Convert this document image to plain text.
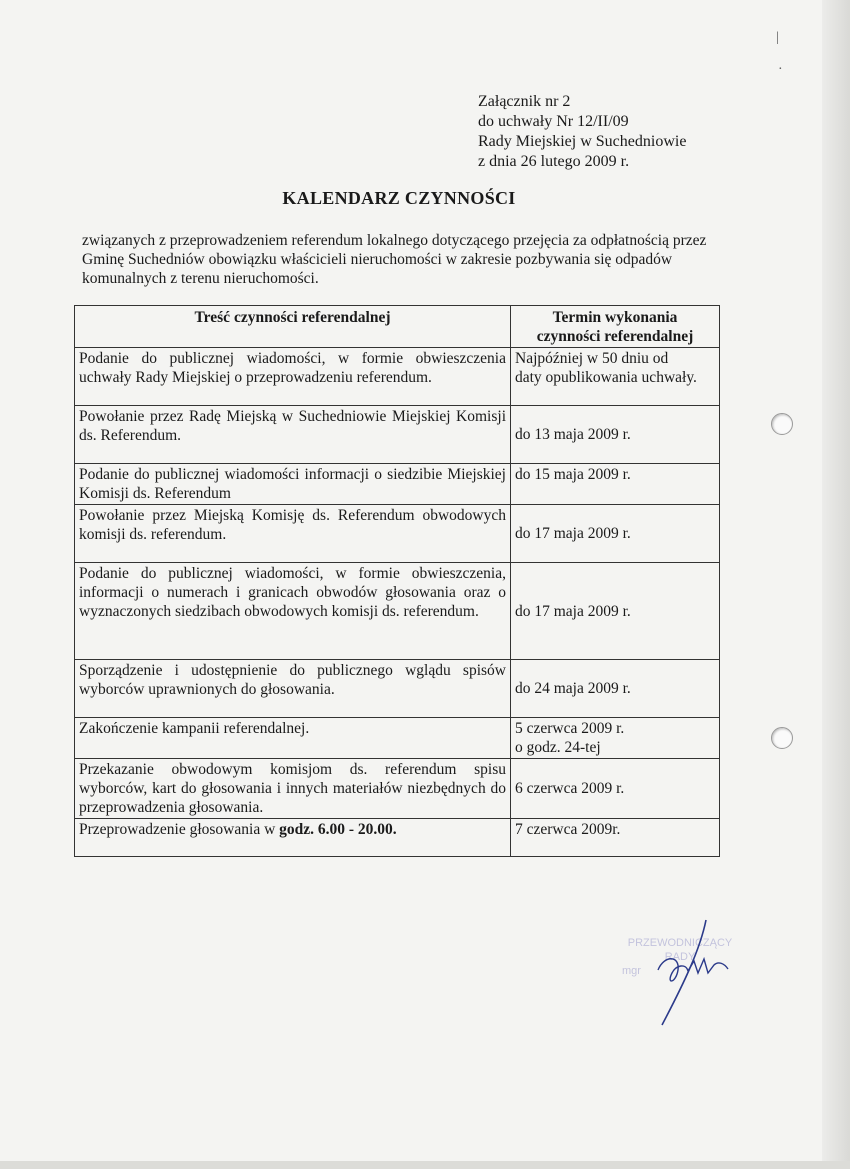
|
·
Załącznik nr 2
do uchwały Nr 12/II/09
Rady Miejskiej w Suchedniowie
z dnia 26 lutego 2009 r.
KALENDARZ CZYNNOŚCI
związanych z przeprowadzeniem referendum lokalnego dotyczącego przejęcia za odpłatnością przez Gminę Suchedniów obowiązku właścicieli nieruchomości w zakresie pozbywania się odpadów komunalnych z terenu nieruchomości.
Treść czynności referendalnej	Termin wykonania
czynności referendalnej

Podanie do publicznej wiadomości, w formie obwieszczenia uchwały Rady Miejskiej o przeprowadzeniu referendum.	Najpóźniej w 50 dniu od
daty opublikowania uchwały.

Powołanie przez Radę Miejską w Suchedniowie Miejskiej Komisji ds. Referendum.	do 13 maja 2009 r.

Podanie do publicznej wiadomości informacji o siedzibie Miejskiej Komisji ds. Referendum	do 15 maja 2009 r.

Powołanie przez Miejską Komisję ds. Referendum obwodowych komisji ds. referendum.	do 17 maja 2009 r.

Podanie do publicznej wiadomości, w formie obwieszczenia, informacji o numerach i granicach obwodów głosowania oraz o wyznaczonych siedzibach obwodowych komisji ds. referendum.	do 17 maja 2009 r.

Sporządzenie i udostępnienie do publicznego wglądu spisów wyborców uprawnionych do głosowania.	do 24 maja 2009 r.

Zakończenie kampanii referendalnej.	5 czerwca 2009 r.
o godz. 24-tej

Przekazanie obwodowym komisjom ds. referendum spisu wyborców, kart do głosowania i innych materiałów niezbędnych do przeprowadzenia głosowania.	6 czerwca 2009 r.

Przeprowadzenie głosowania w godz. 6.00 - 20.00.	7 czerwca 2009r.
PRZEWODNICZĄCY
RADY
mgr
